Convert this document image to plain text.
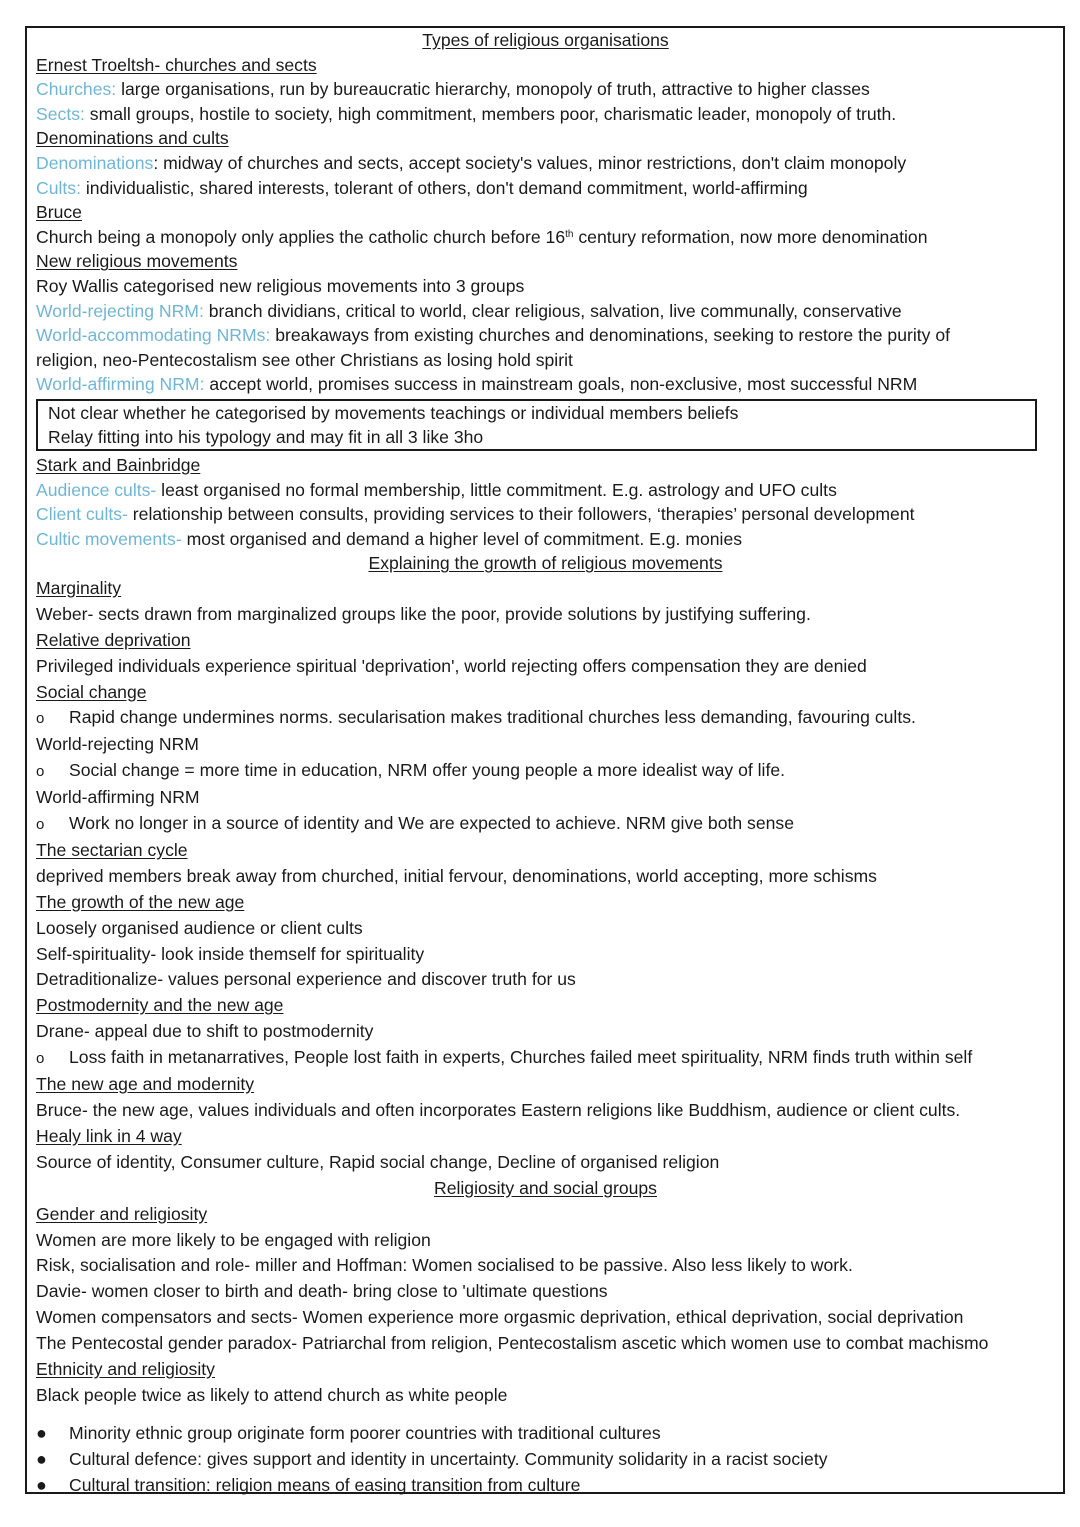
Types of religious organisations
Ernest Troeltsh- churches and sects
Churches: large organisations, run by bureaucratic hierarchy, monopoly of truth, attractive to higher classes
Sects: small groups, hostile to society, high commitment, members poor, charismatic leader, monopoly of truth.
Denominations and cults
Denominations: midway of churches and sects, accept society's values, minor restrictions, don't claim monopoly
Cults: individualistic, shared interests, tolerant of others, don't demand commitment, world-affirming
Bruce
Church being a monopoly only applies the catholic church before 16th century reformation, now more denomination
New religious movements
Roy Wallis categorised new religious movements into 3 groups
World-rejecting NRM: branch dividians, critical to world, clear religious, salvation, live communally, conservative
World-accommodating NRMs: breakaways from existing churches and denominations, seeking to restore the purity of
religion, neo-Pentecostalism see other Christians as losing hold spirit
World-affirming NRM: accept world, promises success in mainstream goals, non-exclusive, most successful NRM
Not clear whether he categorised by movements teachings or individual members beliefs
Relay fitting into his typology and may fit in all 3 like 3ho
Stark and Bainbridge
Audience cults- least organised no formal membership, little commitment. E.g. astrology and UFO cults
Client cults- relationship between consults, providing services to their followers, ‘therapies’ personal development
Cultic movements- most organised and demand a higher level of commitment. E.g. monies
Explaining the growth of religious movements
Marginality
Weber- sects drawn from marginalized groups like the poor, provide solutions by justifying suffering.
Relative deprivation
Privileged individuals experience spiritual 'deprivation', world rejecting offers compensation they are denied
Social change
o Rapid change undermines norms. secularisation makes traditional churches less demanding, favouring cults.
World-rejecting NRM
o Social change = more time in education, NRM offer young people a more idealist way of life.
World-affirming NRM
o Work no longer in a source of identity and We are expected to achieve. NRM give both sense
The sectarian cycle
deprived members break away from churched, initial fervour, denominations, world accepting, more schisms
The growth of the new age
Loosely organised audience or client cults
Self-spirituality- look inside themself for spirituality
Detraditionalize- values personal experience and discover truth for us
Postmodernity and the new age
Drane- appeal due to shift to postmodernity
o Loss faith in metanarratives, People lost faith in experts, Churches failed meet spirituality, NRM finds truth within self
The new age and modernity
Bruce- the new age, values individuals and often incorporates Eastern religions like Buddhism, audience or client cults.
Healy link in 4 way
Source of identity, Consumer culture, Rapid social change, Decline of organised religion
Religiosity and social groups
Gender and religiosity
Women are more likely to be engaged with religion
Risk, socialisation and role- miller and Hoffman: Women socialised to be passive. Also less likely to work.
Davie- women closer to birth and death- bring close to 'ultimate questions
Women compensators and sects- Women experience more orgasmic deprivation, ethical deprivation, social deprivation
The Pentecostal gender paradox- Patriarchal from religion, Pentecostalism ascetic which women use to combat machismo
Ethnicity and religiosity
Black people twice as likely to attend church as white people
● Minority ethnic group originate form poorer countries with traditional cultures
● Cultural defence: gives support and identity in uncertainty. Community solidarity in a racist society
● Cultural transition: religion means of easing transition from culture
